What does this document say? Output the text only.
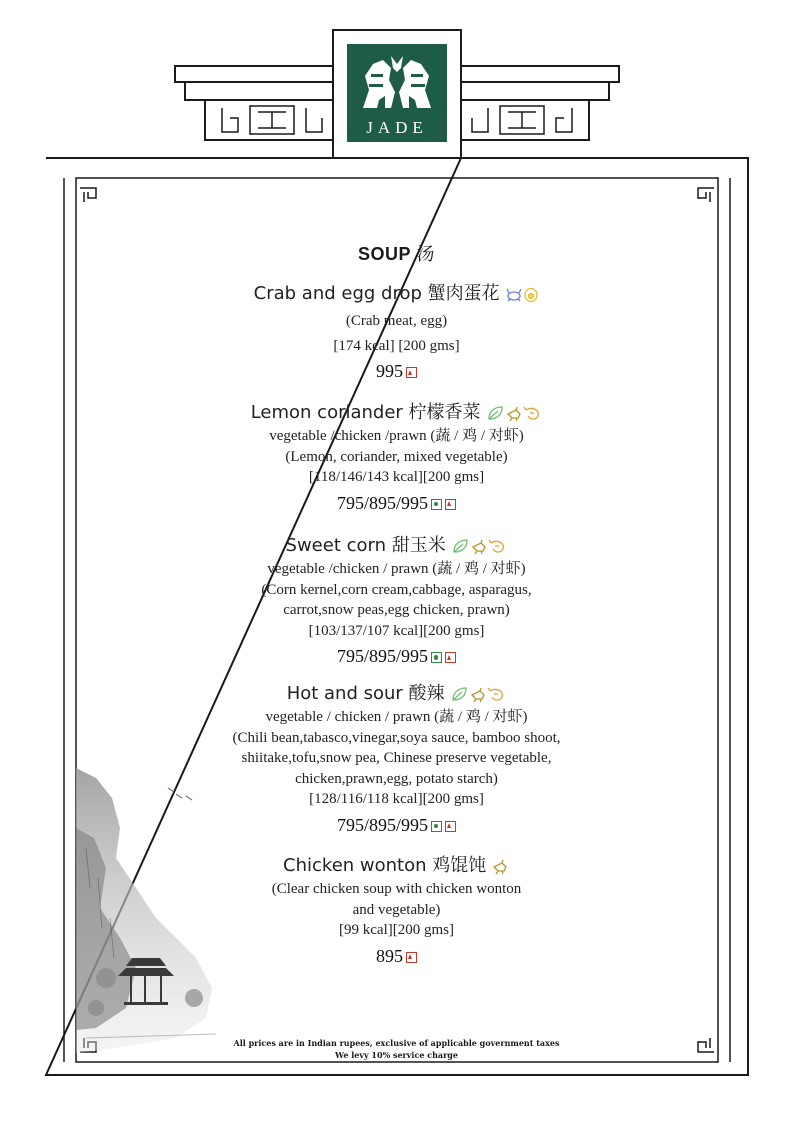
JADE
SOUP 汤
Crab and egg drop 蟹肉蛋花
(Crab meat, egg)
[174 kcal] [200 gms]
995
Lemon coriander 柠檬香菜
vegetable /chicken /prawn (蔬 / 鸡 / 对虾)
(Lemon, coriander, mixed vegetable)
[118/146/143 kcal][200 gms]
795/895/995
Sweet corn 甜玉米
vegetable /chicken / prawn (蔬 / 鸡 / 对虾)
(Corn kernel,corn cream,cabbage, asparagus,
carrot,snow peas,egg chicken, prawn)
[103/137/107 kcal][200 gms]
795/895/995
Hot and sour 酸辣
vegetable / chicken / prawn (蔬 / 鸡 / 对虾)
(Chili bean,tabasco,vinegar,soya sauce, bamboo shoot,
shiitake,tofu,snow pea, Chinese preserve vegetable,
chicken,prawn,egg, potato starch)
[128/116/118 kcal][200 gms]
795/895/995
Chicken wonton 鸡馄饨
(Clear chicken soup with chicken wonton
and vegetable)
[99 kcal][200 gms]
895
All prices are in Indian rupees, exclusive of applicable government taxes
We levy 10% service charge
